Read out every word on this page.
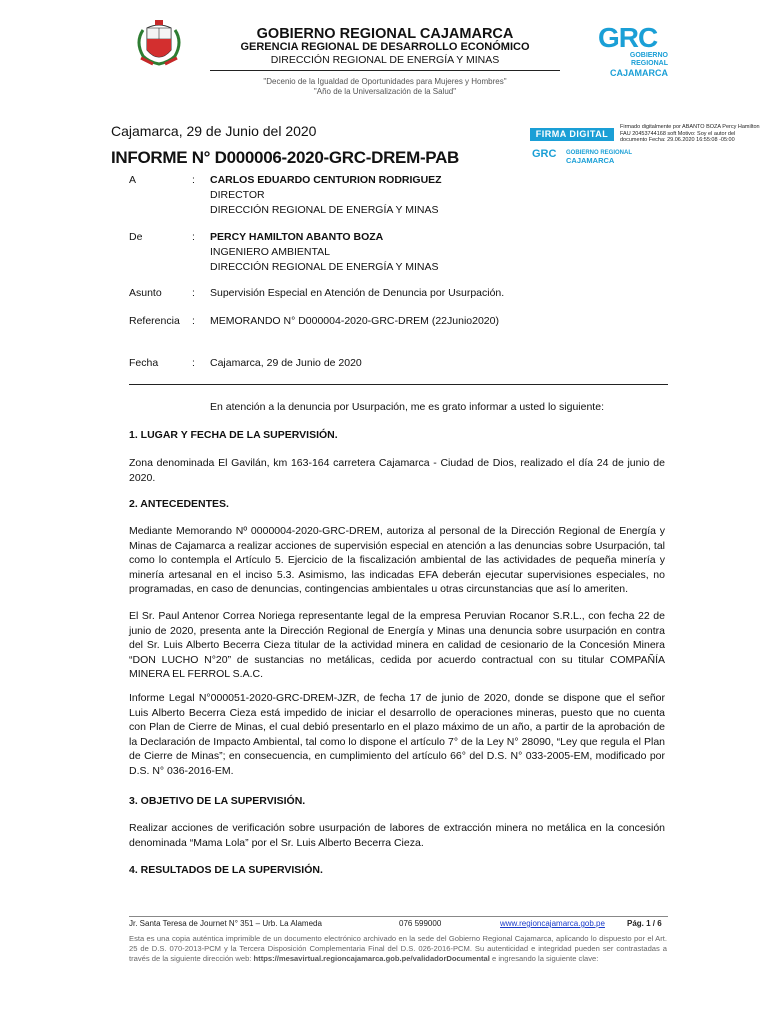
GOBIERNO REGIONAL CAJAMARCA
GERENCIA REGIONAL DE DESARROLLO ECONÓMICO
DIRECCIÓN REGIONAL DE ENERGÍA Y MINAS
"Decenio de la Igualdad de Oportunidades para Mujeres y Hombres"
"Año de la Universalización de la Salud"
GRC
GOBIERNO REGIONAL
CAJAMARCA
Cajamarca, 29 de Junio del 2020
INFORME N° D000006-2020-GRC-DREM-PAB
FIRMA DIGITAL
GRC GOBIERNO REGIONAL
CAJAMARCA
Firmado digitalmente por ABANTO BOZA Percy Hamilton FAU 20453744168 soft Motivo: Soy el autor del documento Fecha: 29.06.2020 16:55:08 -05:00
A	: CARLOS EDUARDO CENTURION RODRIGUEZ
DIRECTOR
DIRECCIÓN REGIONAL DE ENERGÍA Y MINAS
De	: PERCY HAMILTON ABANTO BOZA
INGENIERO AMBIENTAL
DIRECCIÓN REGIONAL DE ENERGÍA Y MINAS
Asunto	: Supervisión Especial en Atención de Denuncia por Usurpación.
Referencia : MEMORANDO N° D000004-2020-GRC-DREM (22Junio2020)
Fecha	: Cajamarca, 29 de Junio de 2020
En atención a la denuncia por Usurpación, me es grato informar a usted lo siguiente:
1. LUGAR Y FECHA DE LA SUPERVISIÓN.
Zona denominada El Gavilán, km 163-164 carretera Cajamarca - Ciudad de Dios, realizado el día 24 de junio de 2020.
2. ANTECEDENTES.
Mediante Memorando Nº 0000004-2020-GRC-DREM, autoriza al personal de la Dirección Regional de Energía y Minas de Cajamarca a realizar acciones de supervisión especial en atención a las denuncias sobre Usurpación, tal como lo contempla el Artículo 5. Ejercicio de la fiscalización ambiental de las actividades de pequeña minería y minería artesanal en el inciso 5.3. Asimismo, las indicadas EFA deberán ejecutar supervisiones especiales, no programadas, en caso de denuncias, contingencias ambientales u otras circunstancias que así lo ameriten.
El Sr. Paul Antenor Correa Noriega representante legal de la empresa Peruvian Rocanor S.R.L., con fecha 22 de junio de 2020, presenta ante la Dirección Regional de Energía y Minas una denuncia sobre usurpación en contra del Sr. Luis Alberto Becerra Cieza titular de la actividad minera en calidad de cesionario de la Concesión Minera “DON LUCHO N°20” de sustancias no metálicas, cedida por acuerdo contractual con su titular COMPAÑÍA MINERA EL FERROL S.A.C.
Informe Legal N°000051-2020-GRC-DREM-JZR, de fecha 17 de junio de 2020, donde se dispone que el señor Luis Alberto Becerra Cieza está impedido de iniciar el desarrollo de operaciones mineras, puesto que no cuenta con Plan de Cierre de Minas, el cual debió presentarlo en el plazo máximo de un año, a partir de la aprobación de la Declaración de Impacto Ambiental, tal como lo dispone el artículo 7° de la Ley N° 28090, “Ley que regula el Plan de Cierre de Minas”; en consecuencia, en cumplimiento del artículo 66° del D.S. N° 033-2005-EM, modificado por D.S. N° 036-2016-EM.
3. OBJETIVO DE LA SUPERVISIÓN.
Realizar acciones de verificación sobre usurpación de labores de extracción minera no metálica en la concesión denominada “Mama Lola” por el Sr. Luis Alberto Becerra Cieza.
4. RESULTADOS DE LA SUPERVISIÓN.
Jr. Santa Teresa de Journet N° 351 – Urb. La Alameda	076 599000	www.regioncajamarca.gob.pe	Pág. 1 / 6
Esta es una copia auténtica imprimible de un documento electrónico archivado en la sede del Gobierno Regional Cajamarca, aplicando lo dispuesto por el Art. 25 de D.S. 070-2013-PCM y la Tercera Disposición Complementaria Final del D.S. 026-2016-PCM. Su autenticidad e integridad pueden ser contrastadas a través de la siguiente dirección web: https://mesavirtual.regioncajamarca.gob.pe/validadorDocumental e ingresando la siguiente clave:
